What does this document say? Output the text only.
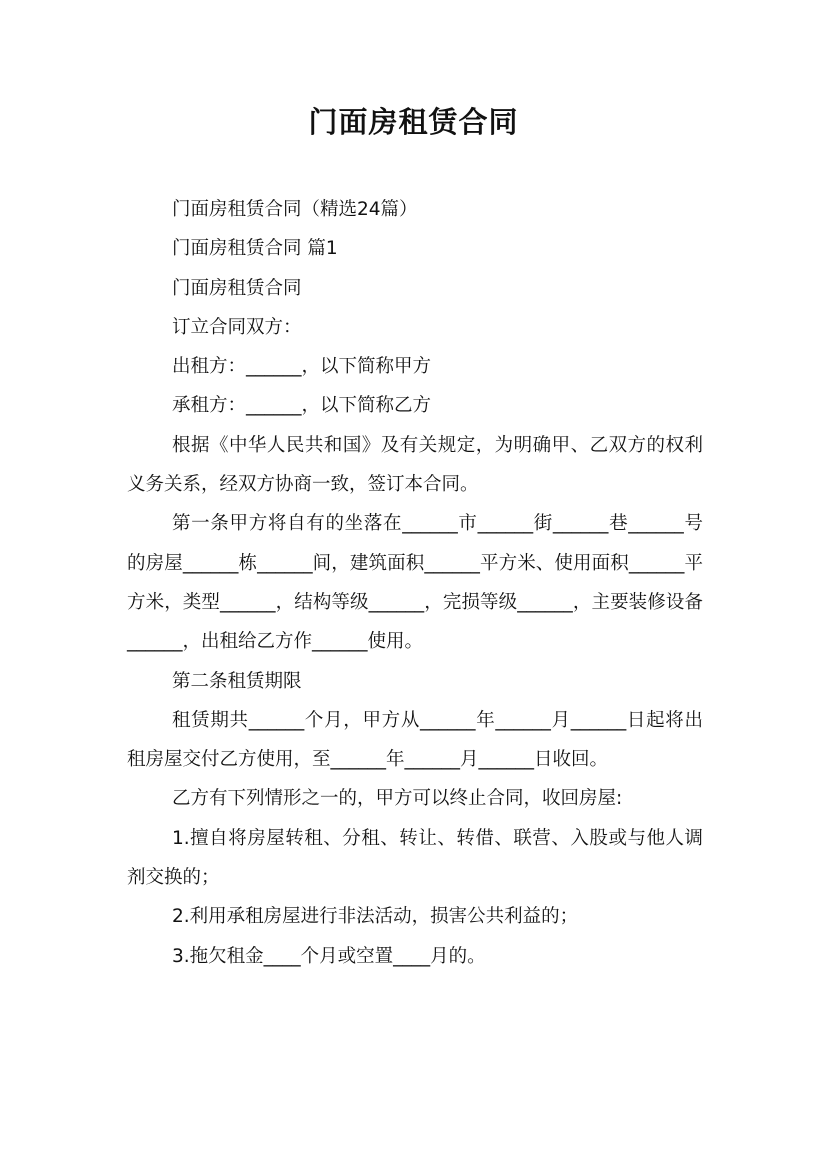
门面房租赁合同

门面房租赁合同（精选24篇）

门面房租赁合同 篇1

门面房租赁合同

订立合同双方：

出租方：______，以下简称甲方

承租方：______，以下简称乙方

根据《中华人民共和国》及有关规定，为明确甲、乙双方的权利义务关系，经双方协商一致，签订本合同。

第一条甲方将自有的坐落在______市______街______巷______号的房屋______栋______间，建筑面积______平方米、使用面积______平方米，类型______，结构等级______，完损等级______，主要装修设备______，出租给乙方作______使用。

第二条租赁期限

租赁期共______个月，甲方从______年______月______日起将出租房屋交付乙方使用，至______年______月______日收回。

乙方有下列情形之一的，甲方可以终止合同，收回房屋:

1.擅自将房屋转租、分租、转让、转借、联营、入股或与他人调剂交换的；

2.利用承租房屋进行非法活动，损害公共利益的；

3.拖欠租金____个月或空置____月的。
